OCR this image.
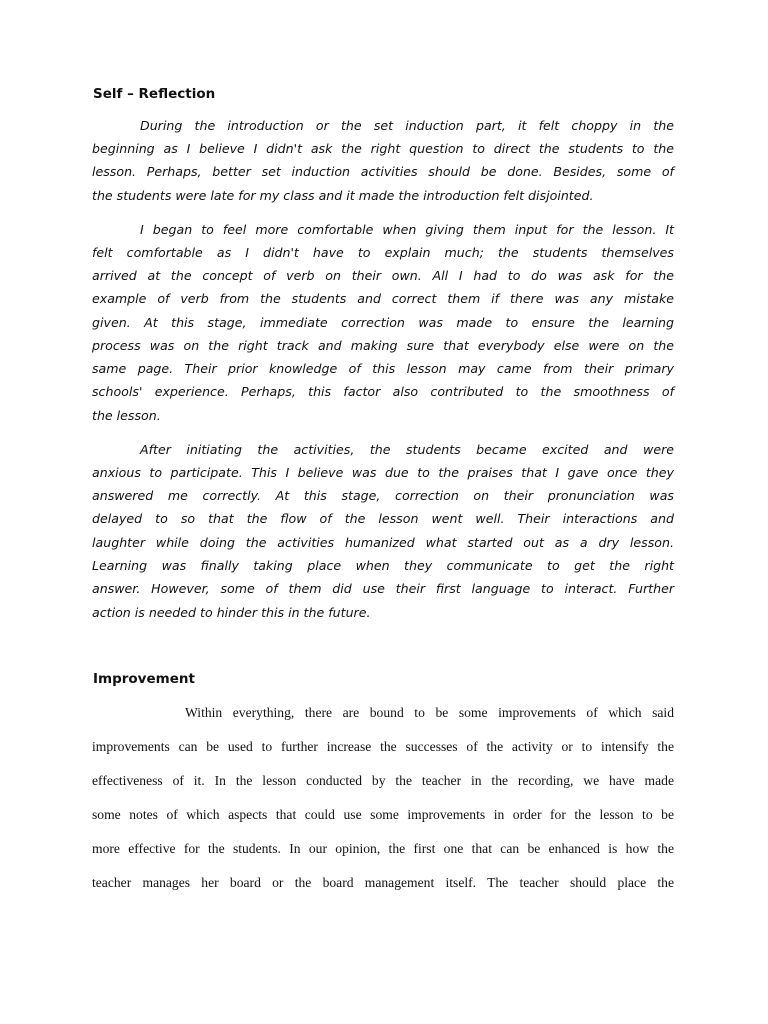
Self – Reflection
During the introduction or the set induction part, it felt choppy in the
beginning as I believe I didn't ask the right question to direct the students to the
lesson. Perhaps, better set induction activities should be done. Besides, some of
the students were late for my class and it made the introduction felt disjointed.
I began to feel more comfortable when giving them input for the lesson. It
felt comfortable as I didn't have to explain much; the students themselves
arrived at the concept of verb on their own. All I had to do was ask for the
example of verb from the students and correct them if there was any mistake
given. At this stage, immediate correction was made to ensure the learning
process was on the right track and making sure that everybody else were on the
same page. Their prior knowledge of this lesson may came from their primary
schools' experience. Perhaps, this factor also contributed to the smoothness of
the lesson.
After initiating the activities, the students became excited and were
anxious to participate. This I believe was due to the praises that I gave once they
answered me correctly. At this stage, correction on their pronunciation was
delayed to so that the flow of the lesson went well. Their interactions and
laughter while doing the activities humanized what started out as a dry lesson.
Learning was finally taking place when they communicate to get the right
answer. However, some of them did use their first language to interact. Further
action is needed to hinder this in the future.
Improvement
Within everything, there are bound to be some improvements of which said
improvements can be used to further increase the successes of the activity or to intensify the
effectiveness of it. In the lesson conducted by the teacher in the recording, we have made
some notes of which aspects that could use some improvements in order for the lesson to be
more effective for the students. In our opinion, the first one that can be enhanced is how the
teacher manages her board or the board management itself. The teacher should place the
